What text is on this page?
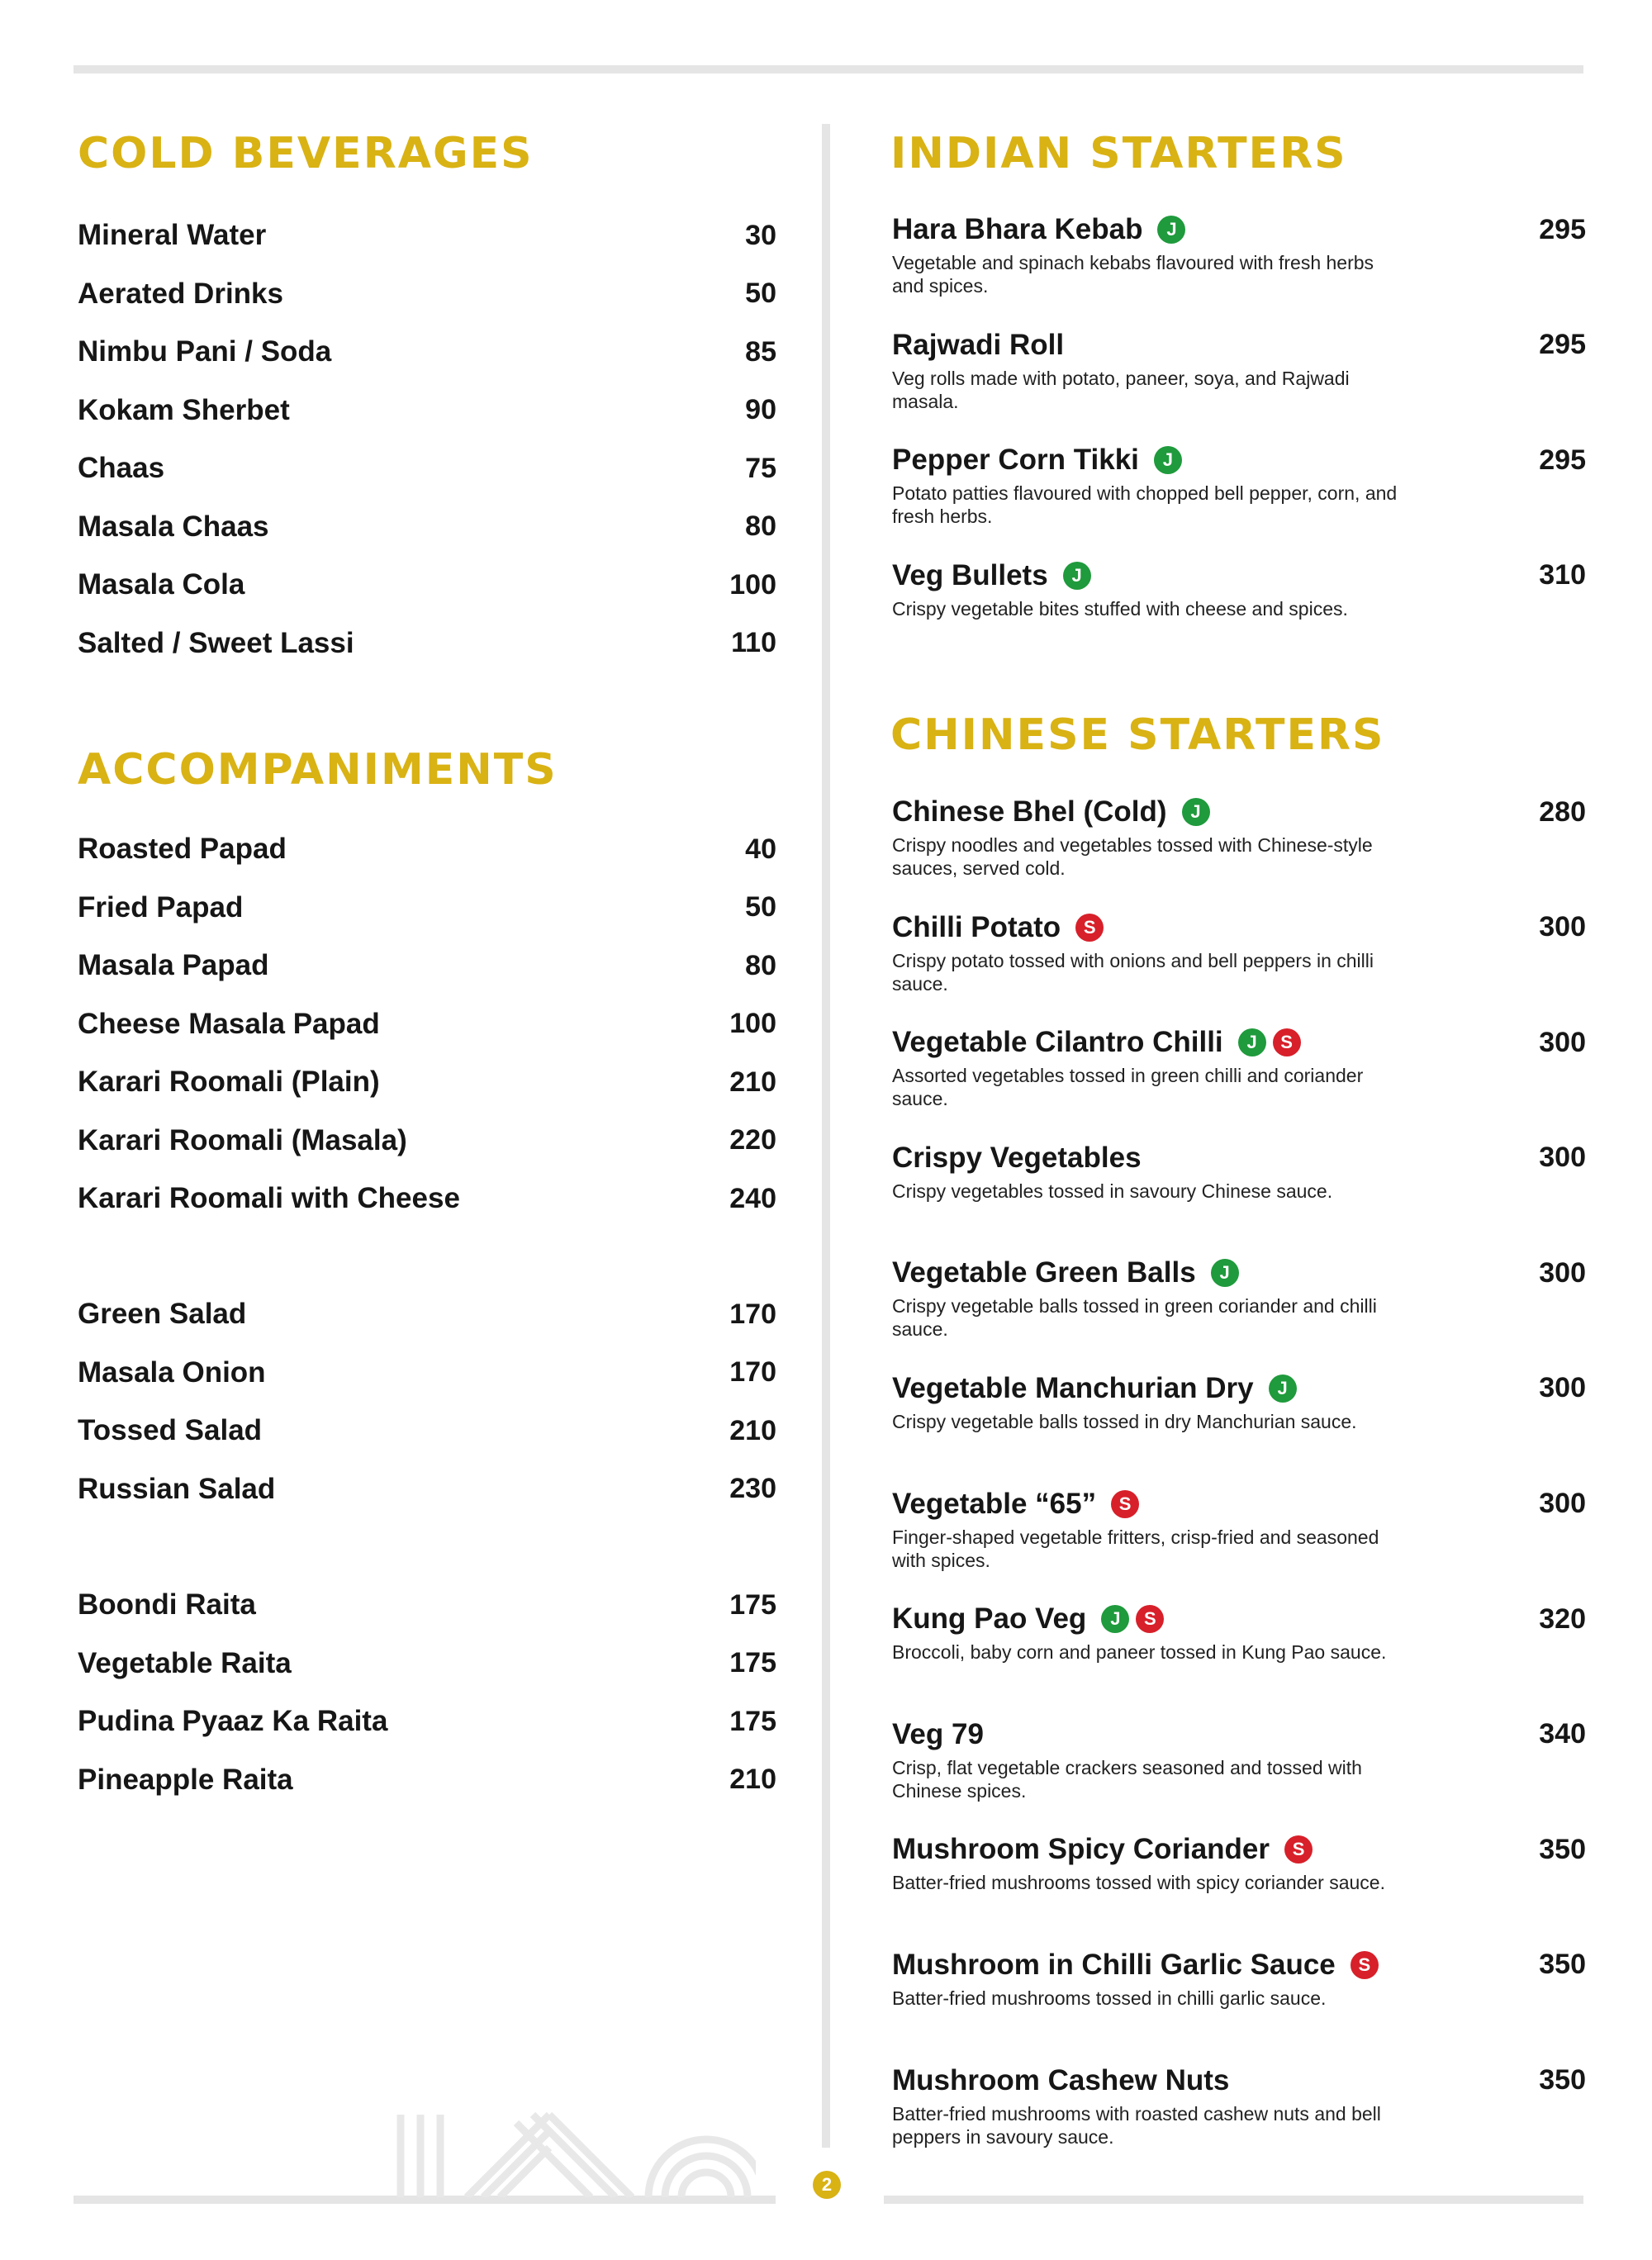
COLD BEVERAGES
Mineral Water	30
Aerated Drinks	50
Nimbu Pani / Soda	85
Kokam Sherbet	90
Chaas	75
Masala Chaas	80
Masala Cola	100
Salted / Sweet Lassi	110
ACCOMPANIMENTS
Roasted Papad	40
Fried Papad	50
Masala Papad	80
Cheese Masala Papad	100
Karari Roomali (Plain)	210
Karari Roomali (Masala)	220
Karari Roomali with Cheese	240
Green Salad	170
Masala Onion	170
Tossed Salad	210
Russian Salad	230
Boondi Raita	175
Vegetable Raita	175
Pudina Pyaaz Ka Raita	175
Pineapple Raita	210
INDIAN STARTERS
Hara Bhara Kebab	J	295
Vegetable and spinach kebabs flavoured with fresh herbs and spices.
Rajwadi Roll	295
Veg rolls made with potato, paneer, soya, and Rajwadi masala.
Pepper Corn Tikki	J	295
Potato patties flavoured with chopped bell pepper, corn, and fresh herbs.
Veg Bullets	J	310
Crispy vegetable bites stuffed with cheese and spices.
CHINESE STARTERS
Chinese Bhel (Cold)	J	280
Crispy noodles and vegetables tossed with Chinese-style sauces, served cold.
Chilli Potato	S	300
Crispy potato tossed with onions and bell peppers in chilli sauce.
Vegetable Cilantro Chilli	J	S	300
Assorted vegetables tossed in green chilli and coriander sauce.
Crispy Vegetables	300
Crispy vegetables tossed in savoury Chinese sauce.
Vegetable Green Balls	J	300
Crispy vegetable balls tossed in green coriander and chilli sauce.
Vegetable Manchurian Dry	J	300
Crispy vegetable balls tossed in dry Manchurian sauce.
Vegetable “65”	S	300
Finger-shaped vegetable fritters, crisp-fried and seasoned with spices.
Kung Pao Veg	J	S	320
Broccoli, baby corn and paneer tossed in Kung Pao sauce.
Veg 79	340
Crisp, flat vegetable crackers seasoned and tossed with Chinese spices.
Mushroom Spicy Coriander	S	350
Batter-fried mushrooms tossed with spicy coriander sauce.
Mushroom in Chilli Garlic Sauce	S	350
Batter-fried mushrooms tossed in chilli garlic sauce.
Mushroom Cashew Nuts	350
Batter-fried mushrooms with roasted cashew nuts and bell peppers in savoury sauce.
2
